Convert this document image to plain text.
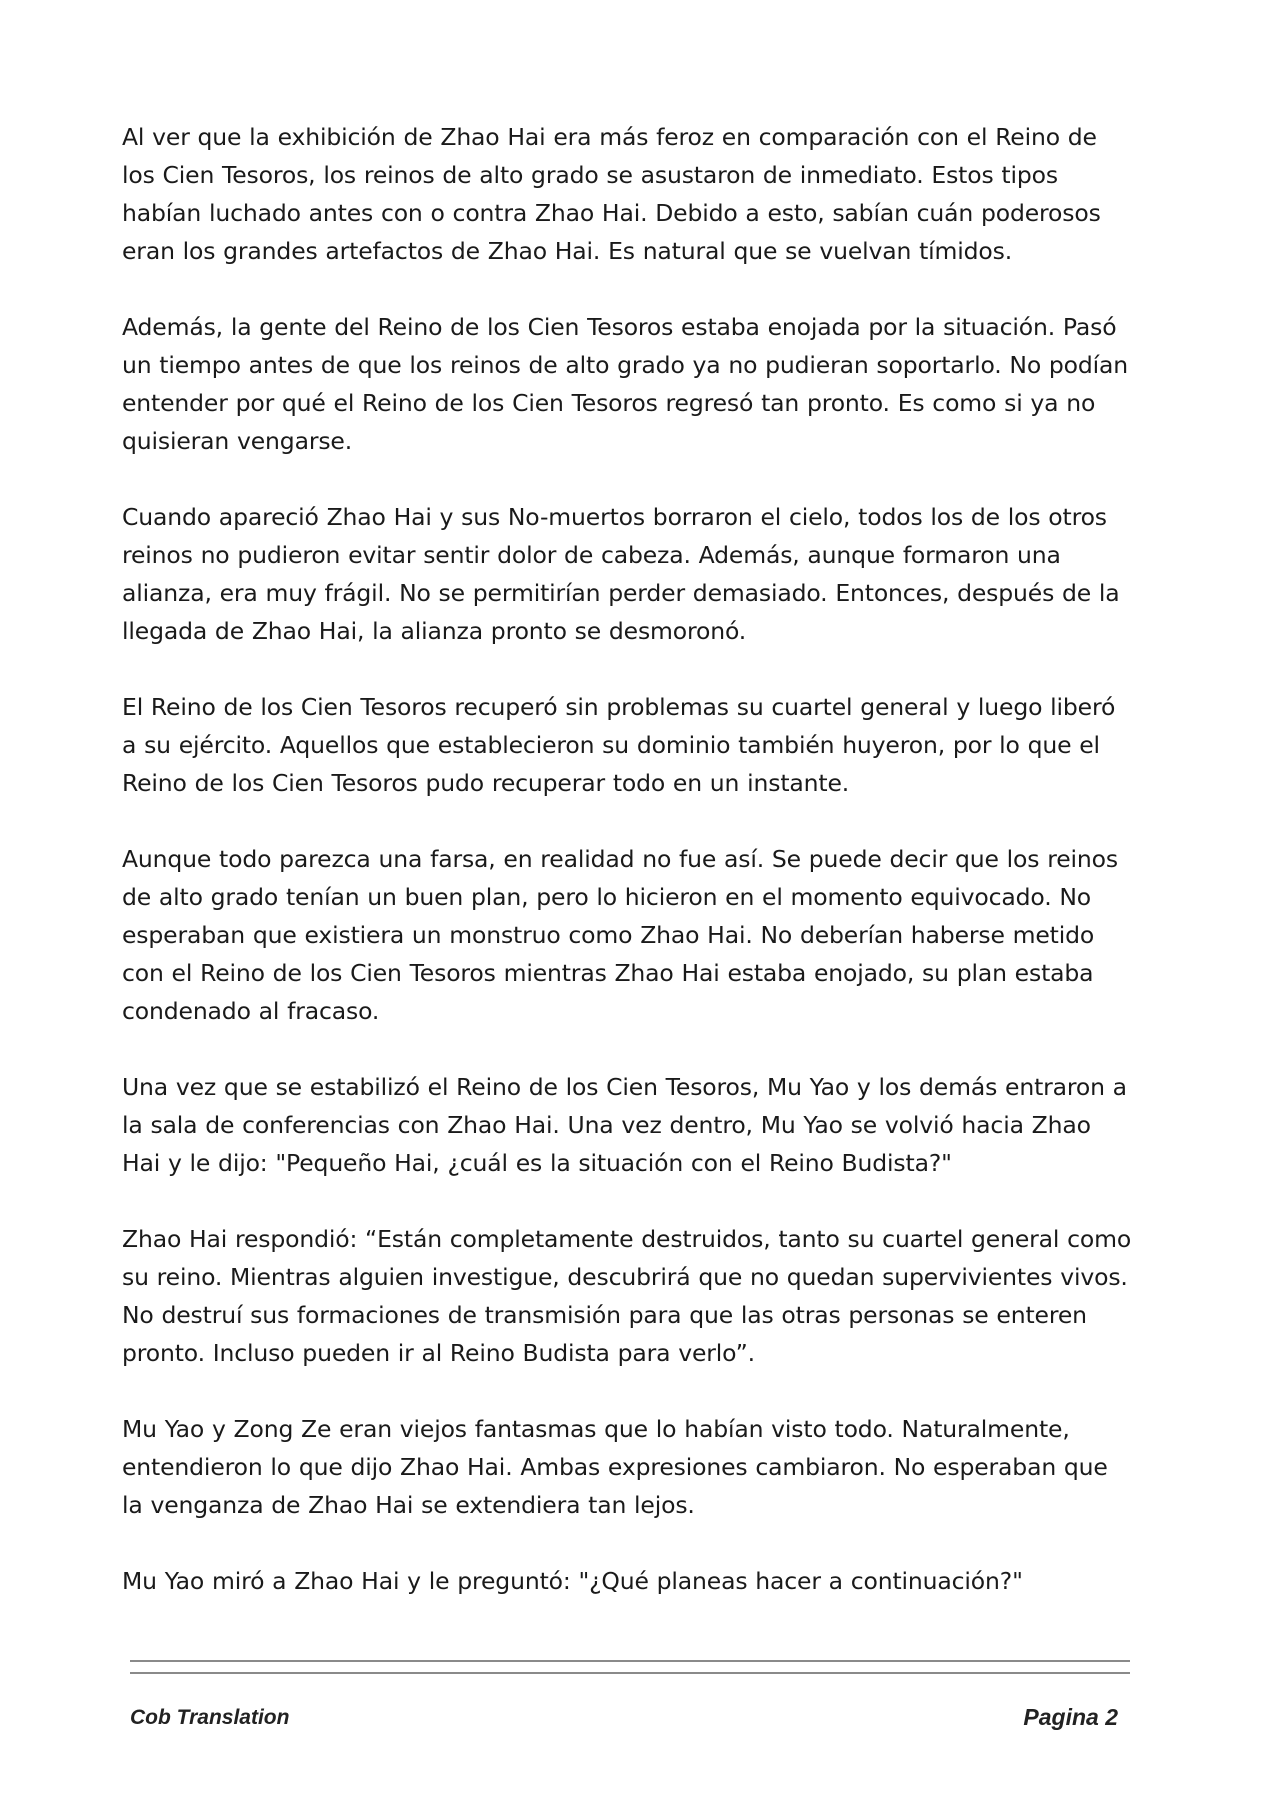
Al ver que la exhibición de Zhao Hai era más feroz en comparación con el Reino de los Cien Tesoros, los reinos de alto grado se asustaron de inmediato. Estos tipos habían luchado antes con o contra Zhao Hai. Debido a esto, sabían cuán poderosos eran los grandes artefactos de Zhao Hai. Es natural que se vuelvan tímidos.

Además, la gente del Reino de los Cien Tesoros estaba enojada por la situación. Pasó un tiempo antes de que los reinos de alto grado ya no pudieran soportarlo. No podían entender por qué el Reino de los Cien Tesoros regresó tan pronto. Es como si ya no quisieran vengarse.

Cuando apareció Zhao Hai y sus No-muertos borraron el cielo, todos los de los otros reinos no pudieron evitar sentir dolor de cabeza. Además, aunque formaron una alianza, era muy frágil. No se permitirían perder demasiado. Entonces, después de la llegada de Zhao Hai, la alianza pronto se desmoronó.

El Reino de los Cien Tesoros recuperó sin problemas su cuartel general y luego liberó a su ejército. Aquellos que establecieron su dominio también huyeron, por lo que el Reino de los Cien Tesoros pudo recuperar todo en un instante.

Aunque todo parezca una farsa, en realidad no fue así. Se puede decir que los reinos de alto grado tenían un buen plan, pero lo hicieron en el momento equivocado. No esperaban que existiera un monstruo como Zhao Hai. No deberían haberse metido con el Reino de los Cien Tesoros mientras Zhao Hai estaba enojado, su plan estaba condenado al fracaso.

Una vez que se estabilizó el Reino de los Cien Tesoros, Mu Yao y los demás entraron a la sala de conferencias con Zhao Hai. Una vez dentro, Mu Yao se volvió hacia Zhao Hai y le dijo: "Pequeño Hai, ¿cuál es la situación con el Reino Budista?"

Zhao Hai respondió: “Están completamente destruidos, tanto su cuartel general como su reino. Mientras alguien investigue, descubrirá que no quedan supervivientes vivos. No destruí sus formaciones de transmisión para que las otras personas se enteren pronto. Incluso pueden ir al Reino Budista para verlo”.

Mu Yao y Zong Ze eran viejos fantasmas que lo habían visto todo. Naturalmente, entendieron lo que dijo Zhao Hai. Ambas expresiones cambiaron. No esperaban que la venganza de Zhao Hai se extendiera tan lejos.

Mu Yao miró a Zhao Hai y le preguntó: "¿Qué planeas hacer a continuación?"

Cob Translation	Pagina 2
